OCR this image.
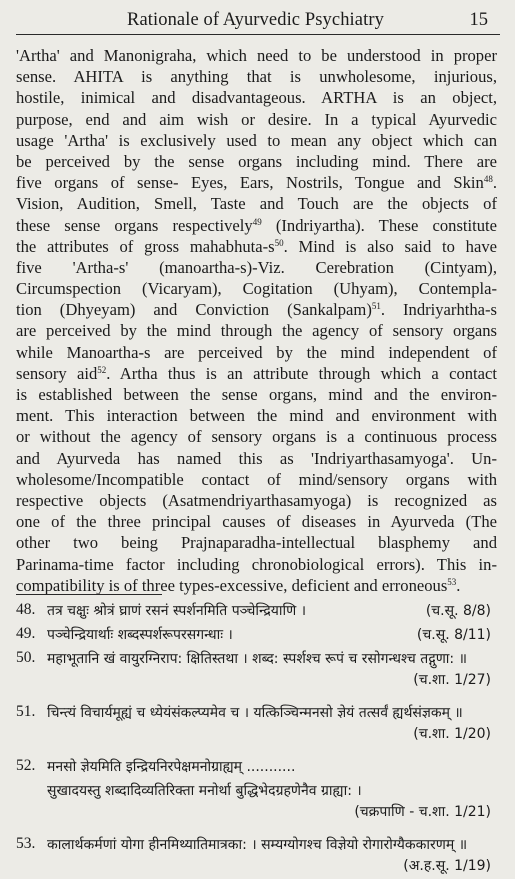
Rationale of Ayurvedic Psychiatry	15
'Artha' and Manonigraha, which need to be understood in proper
sense. AHITA is anything that is unwholesome, injurious,
hostile, inimical and disadvantageous. ARTHA is an object,
purpose, end and aim wish or desire. In a typical Ayurvedic
usage 'Artha' is exclusively used to mean any object which can
be perceived by the sense organs including mind. There are
five organs of sense- Eyes, Ears, Nostrils, Tongue and Skin$^{48}$.
Vision, Audition, Smell, Taste and Touch are the objects of
these sense organs respectively$^{49}$ (Indriyartha). These constitute
the attributes of gross mahabhuta-$s^{50}$. Mind is also said to have
five 'Artha-s' (manoartha-s)-Viz. Cerebration (Cintyam),
Circumspection (Vicaryam), Cogitation (Uhyam), Contempla-
tion (Dhyeyam) and Conviction (Sankalpam)$^{51}$. Indriyarhtha-s
are perceived by the mind through the agency of sensory organs
while Manoartha-s are perceived by the mind independent of
sensory aid$^{52}$. Artha thus is an attribute through which a contact
is established between the sense organs, mind and the environ-
ment. This interaction between the mind and environment with
or without the agency of sensory organs is a continuous process
and Ayurveda has named this as 'Indriyarthasamyoga'. Un-
wholesome/Incompatible contact of mind/sensory organs with
respective objects (Asatmendriyarthasamyoga) is recognized as
one of the three principal causes of diseases in Ayurveda (The
other two being Prajnaparadha-intellectual blasphemy and
Parinama-time factor including chronobiological errors). This in-
compatibility is of three types-excessive, deficient and erroneous$^{53}$.
48. तत्र चक्षुः श्रोत्रं घ्राणं रसनं स्पर्शनमिति पञ्चेन्द्रियाणि ।	(च.सू. 8/8)
49. पञ्चेन्द्रियार्थाः शब्दस्पर्शरूपरसगन्धाः ।	(च.सू. 8/11)
50. महाभूतानि खं वायुरग्निराप: क्षितिस्तथा । शब्द: स्पर्शश्च रूपं च रसोगन्धश्च तद्गुणा: ॥
(च.शा. 1/27)
51. चिन्त्यं विचार्यमूह्यं च ध्येयंसंकल्प्यमेव च । यत्किञ्चिन्मनसो ज्ञेयं तत्सर्वं ह्यर्थसंज्ञकम् ॥
(च.शा. 1/20)
52. मनसो ज्ञेयमिति इन्द्रियनिरपेक्षमनोग्राह्यम् ...........
सुखादयस्तु शब्दादिव्यतिरिक्ता मनोर्था बुद्धिभेदग्रहणेनैव ग्राह्या: ।
(चक्रपाणि - च.शा. 1/21)
53. कालार्थकर्मणां योगा हीनमिथ्यातिमात्रका: । सम्यग्योगश्च विज्ञेयो रोगारोग्यैककारणम् ॥
(अ.ह.सू. 1/19)
